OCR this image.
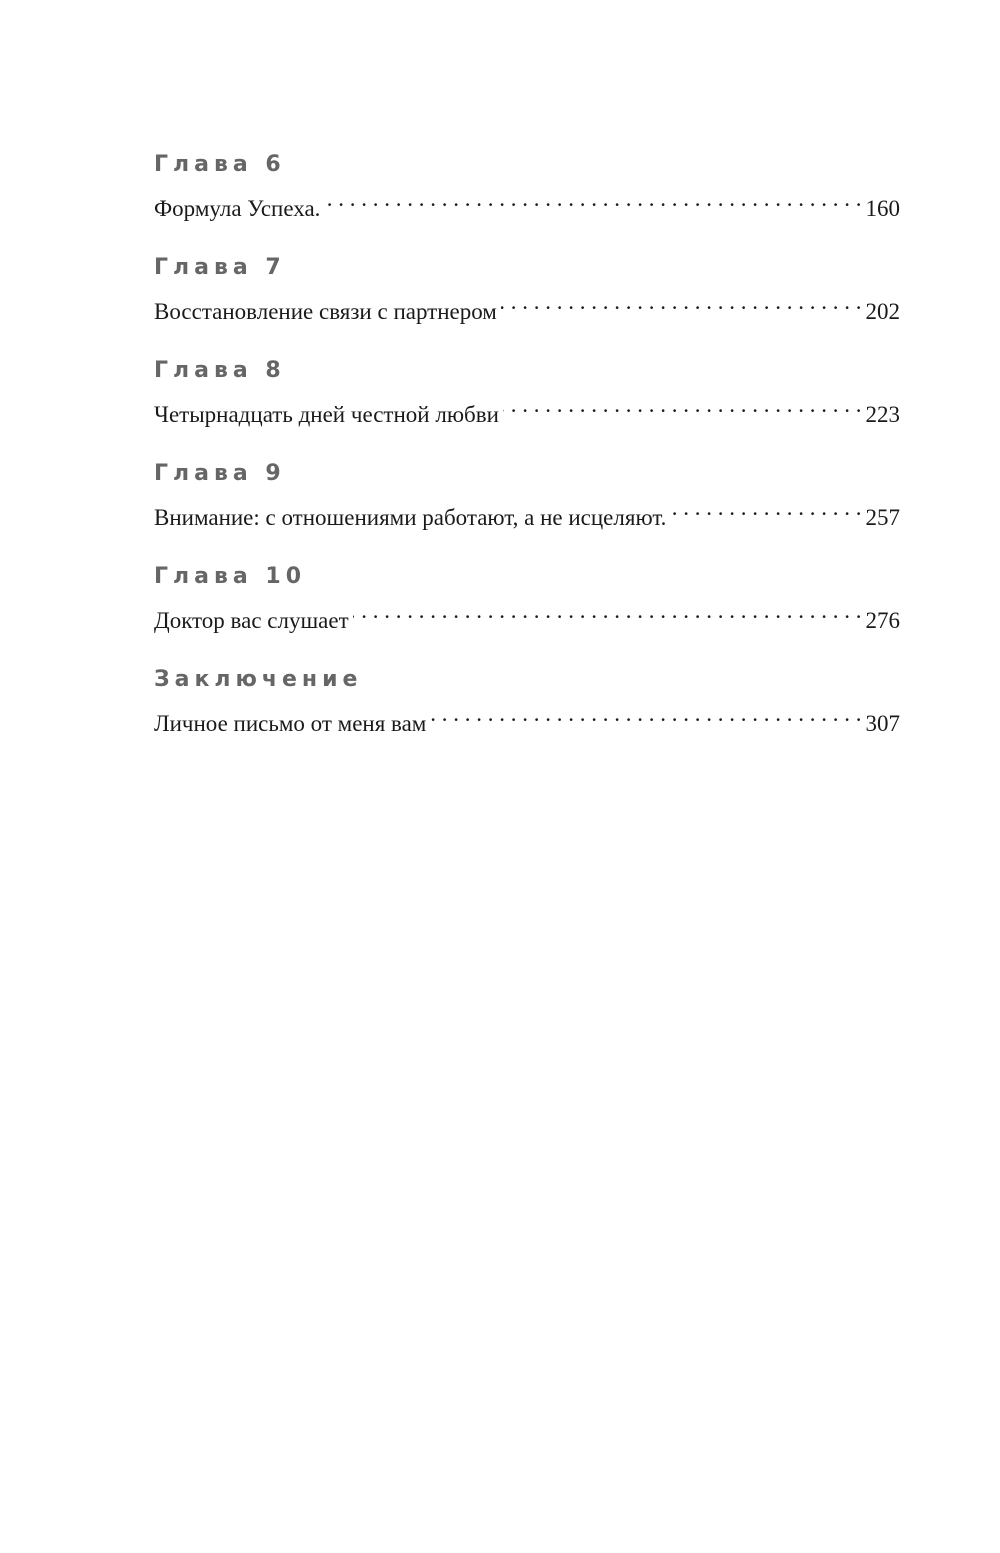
Глава 6
Формула Успеха. . . .	160
Глава 7
Восстановление связи с партнером . . .	202
Глава 8
Четырнадцать дней честной любви . . .	223
Глава 9
Внимание: с отношениями работают, а не исцеляют. . . .	257
Глава 10
Доктор вас слушает . . .	276
Заключение
Личное письмо от меня вам . . .	307
